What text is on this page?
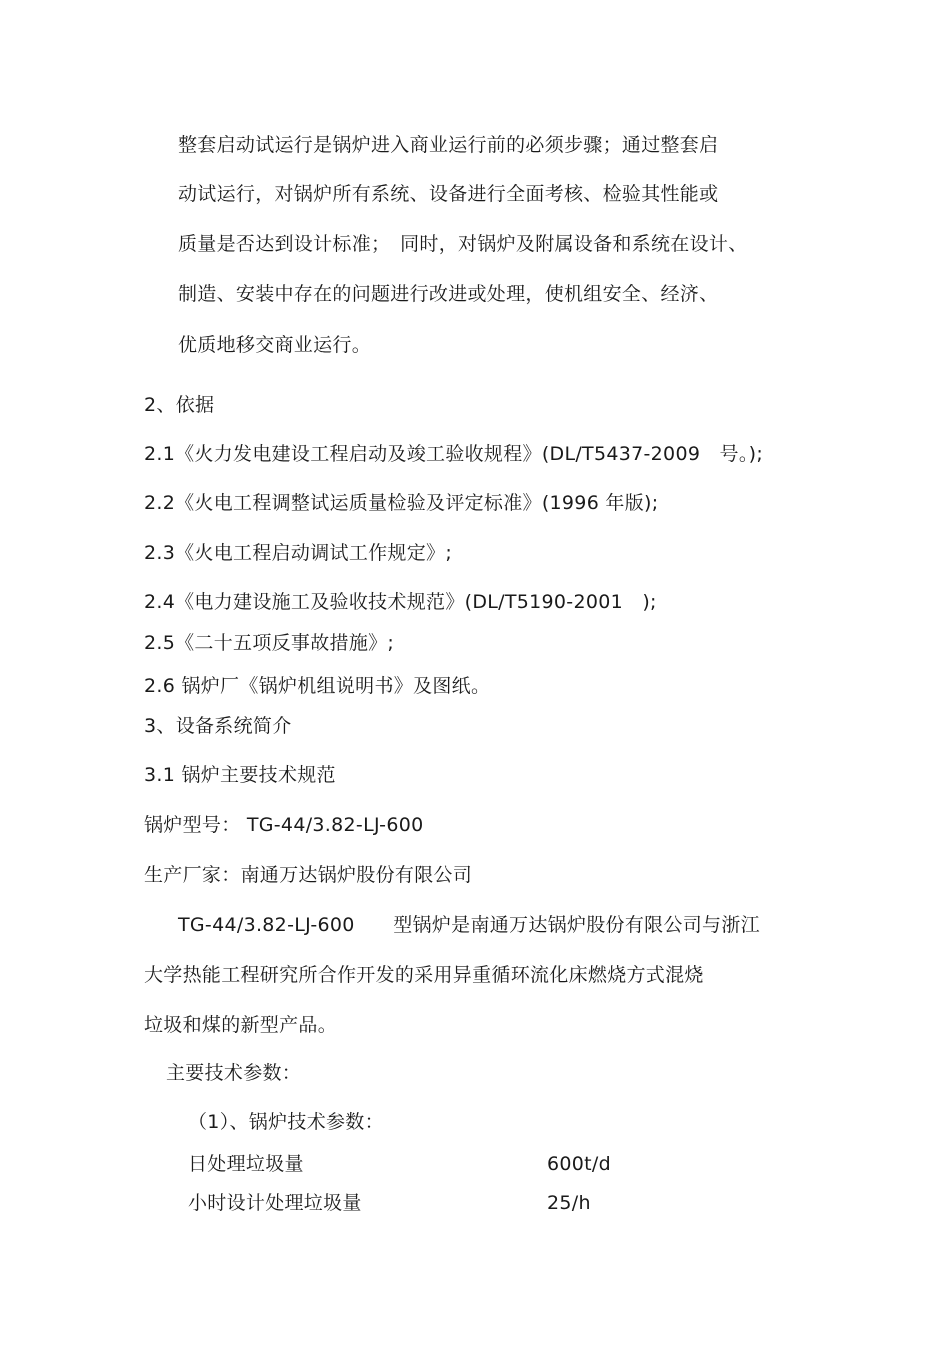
整套启动试运行是锅炉进入商业运行前的必须步骤；通过整套启
动试运行，对锅炉所有系统、设备进行全面考核、检验其性能或
质量是否达到设计标准；　同时，对锅炉及附属设备和系统在设计、
制造、安装中存在的问题进行改进或处理，使机组安全、经济、
优质地移交商业运行。
2、依据
2.1《火力发电建设工程启动及竣工验收规程》(DL/T5437-2009　号。);
2.2《火电工程调整试运质量检验及评定标准》(1996 年版);
2.3《火电工程启动调试工作规定》;
2.4《电力建设施工及验收技术规范》(DL/T5190-2001　);
2.5《二十五项反事故措施》;
2.6 锅炉厂《锅炉机组说明书》及图纸。
3、设备系统简介
3.1 锅炉主要技术规范
锅炉型号： TG-44/3.82-LJ-600
生产厂家：南通万达锅炉股份有限公司
TG-44/3.82-LJ-600　　型锅炉是南通万达锅炉股份有限公司与浙江
大学热能工程研究所合作开发的采用异重循环流化床燃烧方式混烧
垃圾和煤的新型产品。
主要技术参数：
（1）、锅炉技术参数：
日处理垃圾量	600t/d
小时设计处理垃圾量	25/h
